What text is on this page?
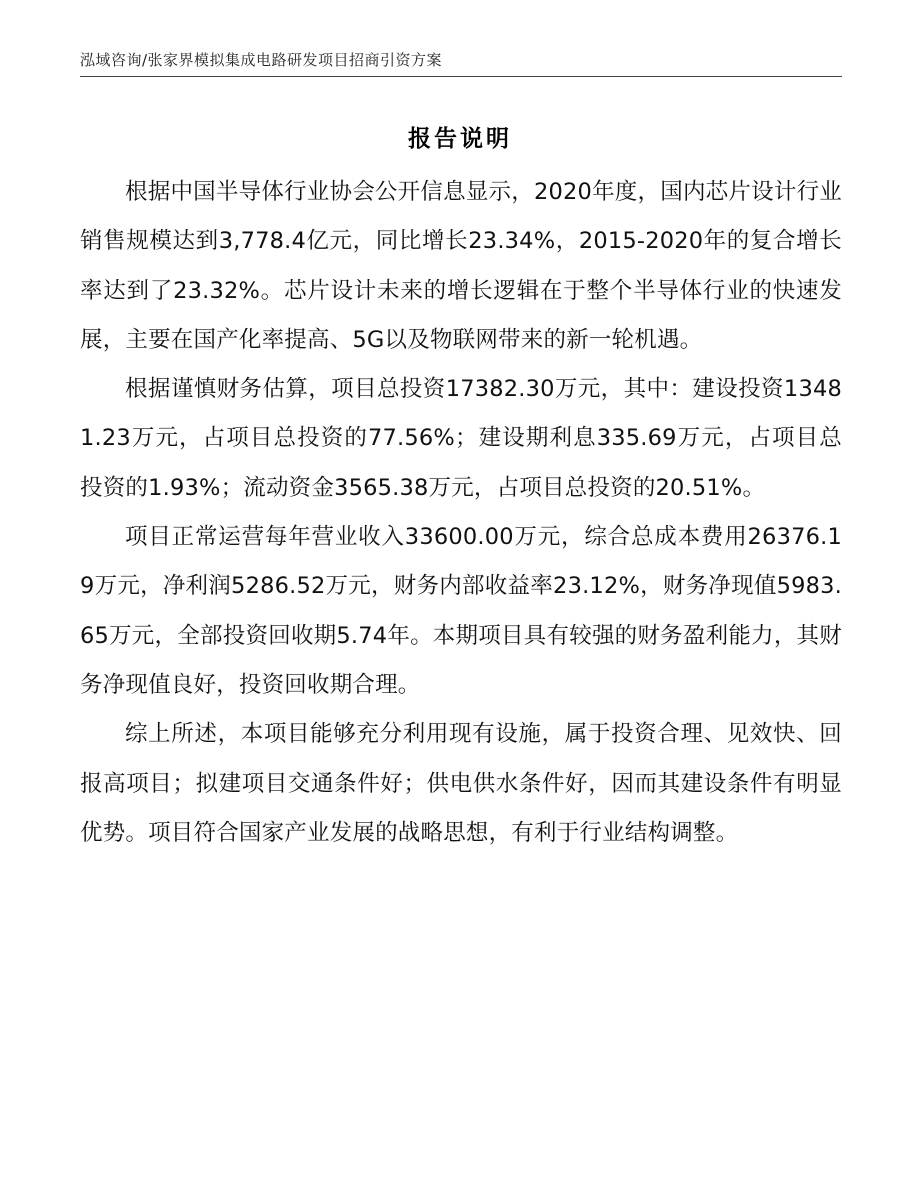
泓域咨询/张家界模拟集成电路研发项目招商引资方案
报告说明

根据中国半导体行业协会公开信息显示，2020年度，国内芯片设计行业销售规模达到3,778.4亿元，同比增长23.34%，2015-2020年的复合增长率达到了23.32%。芯片设计未来的增长逻辑在于整个半导体行业的快速发展，主要在国产化率提高、5G以及物联网带来的新一轮机遇。

根据谨慎财务估算，项目总投资17382.30万元，其中：建设投资13481.23万元，占项目总投资的77.56%；建设期利息335.69万元，占项目总投资的1.93%；流动资金3565.38万元，占项目总投资的20.51%。

项目正常运营每年营业收入33600.00万元，综合总成本费用26376.19万元，净利润5286.52万元，财务内部收益率23.12%，财务净现值5983.65万元，全部投资回收期5.74年。本期项目具有较强的财务盈利能力，其财务净现值良好，投资回收期合理。

综上所述，本项目能够充分利用现有设施，属于投资合理、见效快、回报高项目；拟建项目交通条件好；供电供水条件好，因而其建设条件有明显优势。项目符合国家产业发展的战略思想，有利于行业结构调整。
